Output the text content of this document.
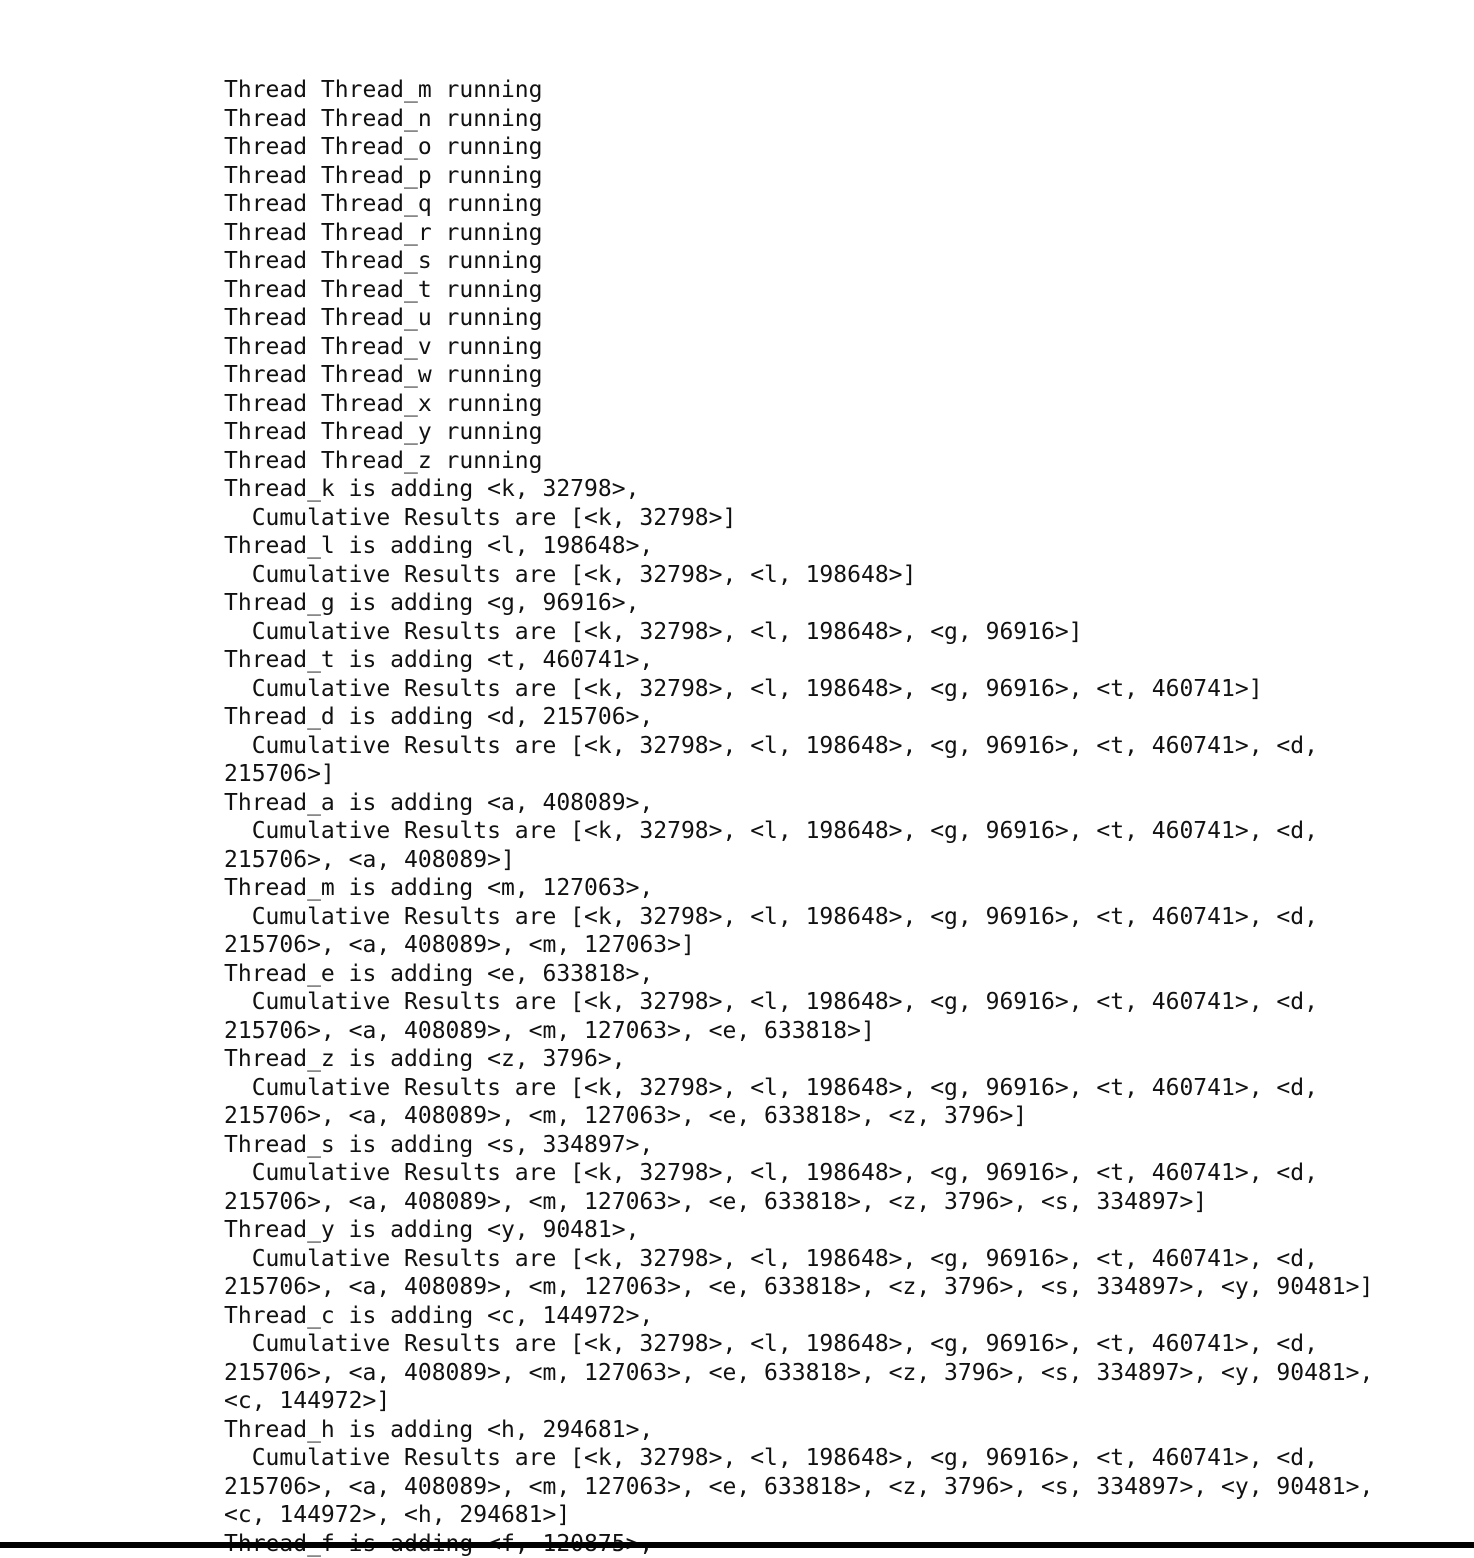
Thread Thread_m running
Thread Thread_n running
Thread Thread_o running
Thread Thread_p running
Thread Thread_q running
Thread Thread_r running
Thread Thread_s running
Thread Thread_t running
Thread Thread_u running
Thread Thread_v running
Thread Thread_w running
Thread Thread_x running
Thread Thread_y running
Thread Thread_z running
Thread_k is adding <k, 32798>,
Cumulative Results are [<k, 32798>]
Thread_l is adding <l, 198648>,
Cumulative Results are [<k, 32798>, <l, 198648>]
Thread_g is adding <g, 96916>,
Cumulative Results are [<k, 32798>, <l, 198648>, <g, 96916>]
Thread_t is adding <t, 460741>,
Cumulative Results are [<k, 32798>, <l, 198648>, <g, 96916>, <t, 460741>]
Thread_d is adding <d, 215706>,
Cumulative Results are [<k, 32798>, <l, 198648>, <g, 96916>, <t, 460741>, <d,
215706>]
Thread_a is adding <a, 408089>,
Cumulative Results are [<k, 32798>, <l, 198648>, <g, 96916>, <t, 460741>, <d,
215706>, <a, 408089>]
Thread_m is adding <m, 127063>,
Cumulative Results are [<k, 32798>, <l, 198648>, <g, 96916>, <t, 460741>, <d,
215706>, <a, 408089>, <m, 127063>]
Thread_e is adding <e, 633818>,
Cumulative Results are [<k, 32798>, <l, 198648>, <g, 96916>, <t, 460741>, <d,
215706>, <a, 408089>, <m, 127063>, <e, 633818>]
Thread_z is adding <z, 3796>,
Cumulative Results are [<k, 32798>, <l, 198648>, <g, 96916>, <t, 460741>, <d,
215706>, <a, 408089>, <m, 127063>, <e, 633818>, <z, 3796>]
Thread_s is adding <s, 334897>,
Cumulative Results are [<k, 32798>, <l, 198648>, <g, 96916>, <t, 460741>, <d,
215706>, <a, 408089>, <m, 127063>, <e, 633818>, <z, 3796>, <s, 334897>]
Thread_y is adding <y, 90481>,
Cumulative Results are [<k, 32798>, <l, 198648>, <g, 96916>, <t, 460741>, <d,
215706>, <a, 408089>, <m, 127063>, <e, 633818>, <z, 3796>, <s, 334897>, <y, 90481>]
Thread_c is adding <c, 144972>,
Cumulative Results are [<k, 32798>, <l, 198648>, <g, 96916>, <t, 460741>, <d,
215706>, <a, 408089>, <m, 127063>, <e, 633818>, <z, 3796>, <s, 334897>, <y, 90481>,
<c, 144972>]
Thread_h is adding <h, 294681>,
Cumulative Results are [<k, 32798>, <l, 198648>, <g, 96916>, <t, 460741>, <d,
215706>, <a, 408089>, <m, 127063>, <e, 633818>, <z, 3796>, <s, 334897>, <y, 90481>,
<c, 144972>, <h, 294681>]
